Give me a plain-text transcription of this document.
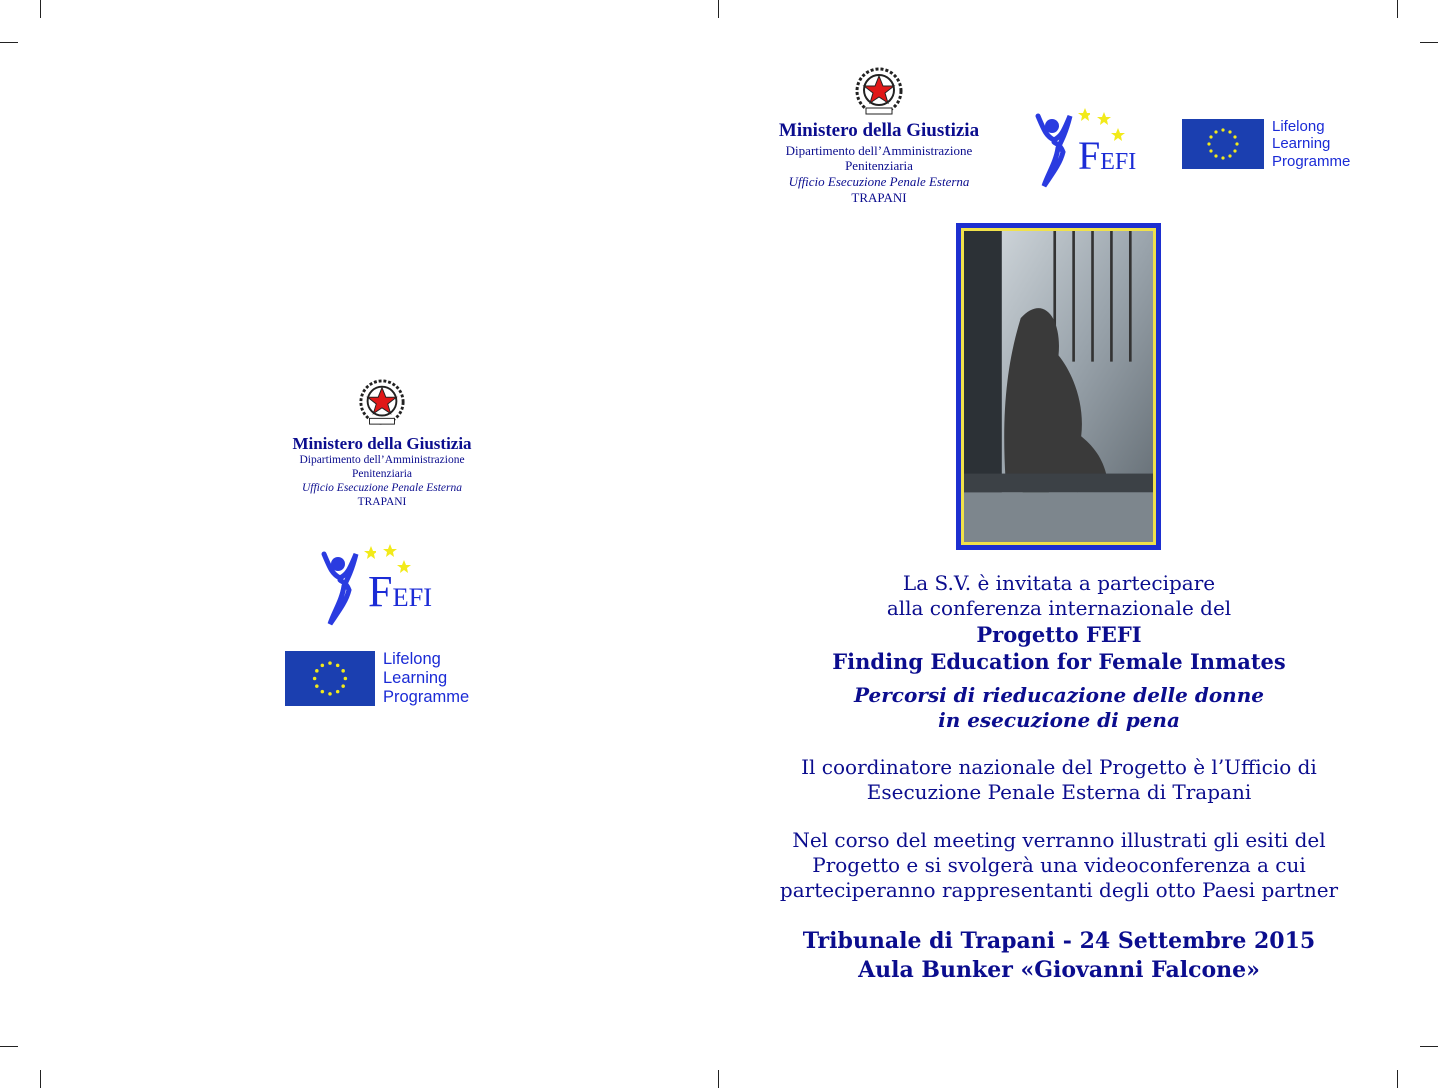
Ministero della Giustizia
Dipartimento dell’Amministrazione
Penitenziaria
Ufficio Esecuzione Penale Esterna
TRAPANI
FEFI
Lifelong
Learning
Programme
La S.V. è invitata a partecipare
alla conferenza internazionale del
Progetto FEFI
Finding Education for Female Inmates
Percorsi di rieducazione delle donne
in esecuzione di pena
Il coordinatore nazionale del Progetto è l’Ufficio di
Esecuzione Penale Esterna di Trapani
Nel corso del meeting verranno illustrati gli esiti del
Progetto e si svolgerà una videoconferenza a cui
parteciperanno rappresentanti degli otto Paesi partner
Tribunale di Trapani - 24 Settembre 2015
Aula Bunker «Giovanni Falcone»
Ministero della Giustizia
Dipartimento dell’Amministrazione
Penitenziaria
Ufficio Esecuzione Penale Esterna
TRAPANI
FEFI
Lifelong
Learning
Programme
